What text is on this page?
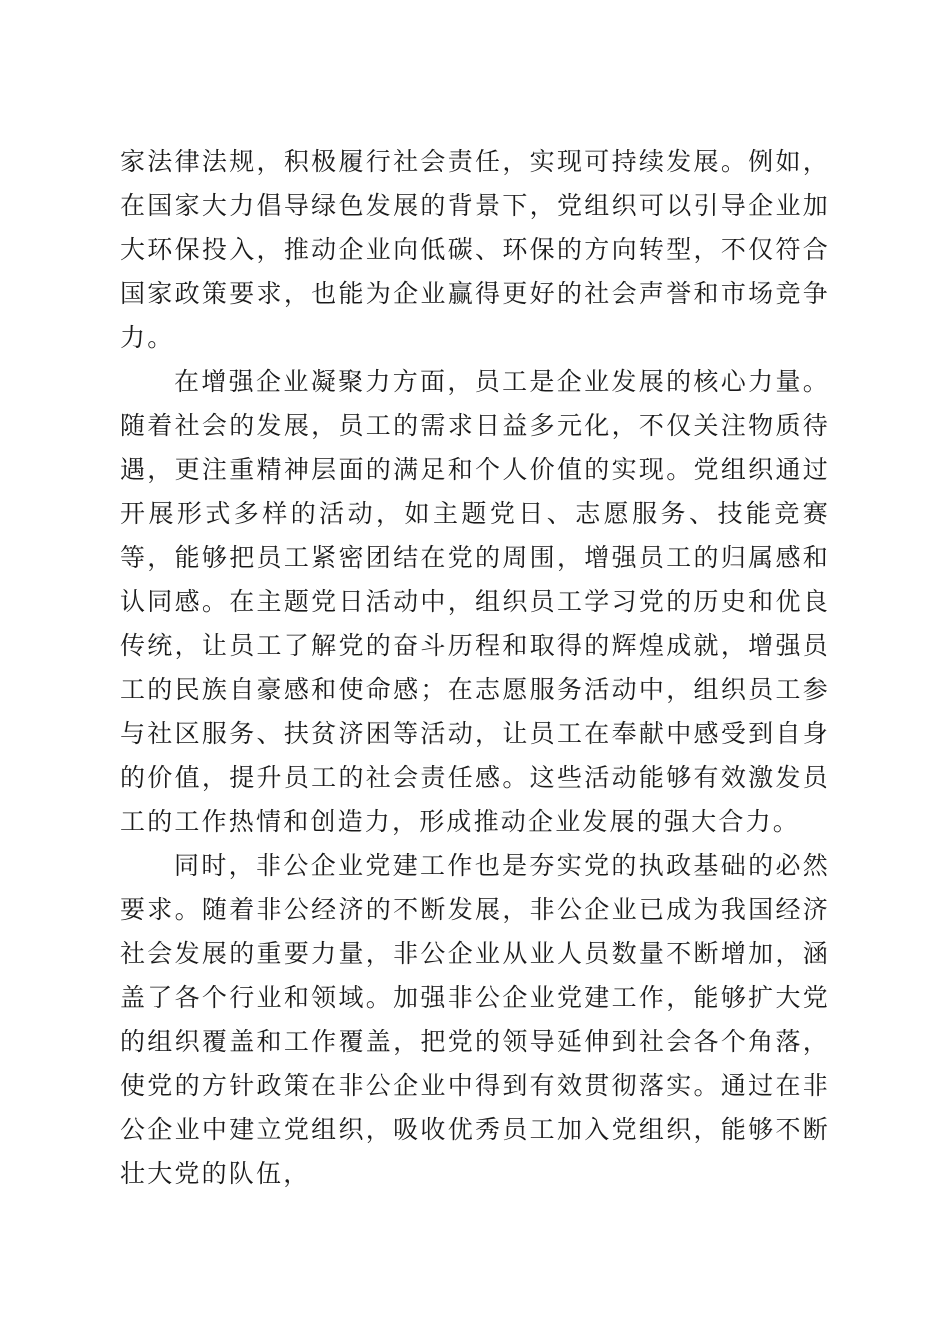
家法律法规，积极履行社会责任，实现可持续发展。例如，在国家大力倡导绿色发展的背景下，党组织可以引导企业加大环保投入，推动企业向低碳、环保的方向转型，不仅符合国家政策要求，也能为企业赢得更好的社会声誉和市场竞争力。

在增强企业凝聚力方面，员工是企业发展的核心力量。随着社会的发展，员工的需求日益多元化，不仅关注物质待遇，更注重精神层面的满足和个人价值的实现。党组织通过开展形式多样的活动，如主题党日、志愿服务、技能竞赛等，能够把员工紧密团结在党的周围，增强员工的归属感和认同感。在主题党日活动中，组织员工学习党的历史和优良传统，让员工了解党的奋斗历程和取得的辉煌成就，增强员工的民族自豪感和使命感；在志愿服务活动中，组织员工参与社区服务、扶贫济困等活动，让员工在奉献中感受到自身的价值，提升员工的社会责任感。这些活动能够有效激发员工的工作热情和创造力，形成推动企业发展的强大合力。

同时，非公企业党建工作也是夯实党的执政基础的必然要求。随着非公经济的不断发展，非公企业已成为我国经济社会发展的重要力量，非公企业从业人员数量不断增加，涵盖了各个行业和领域。加强非公企业党建工作，能够扩大党的组织覆盖和工作覆盖，把党的领导延伸到社会各个角落，使党的方针政策在非公企业中得到有效贯彻落实。通过在非公企业中建立党组织，吸收优秀员工加入党组织，能够不断壮大党的队伍，
